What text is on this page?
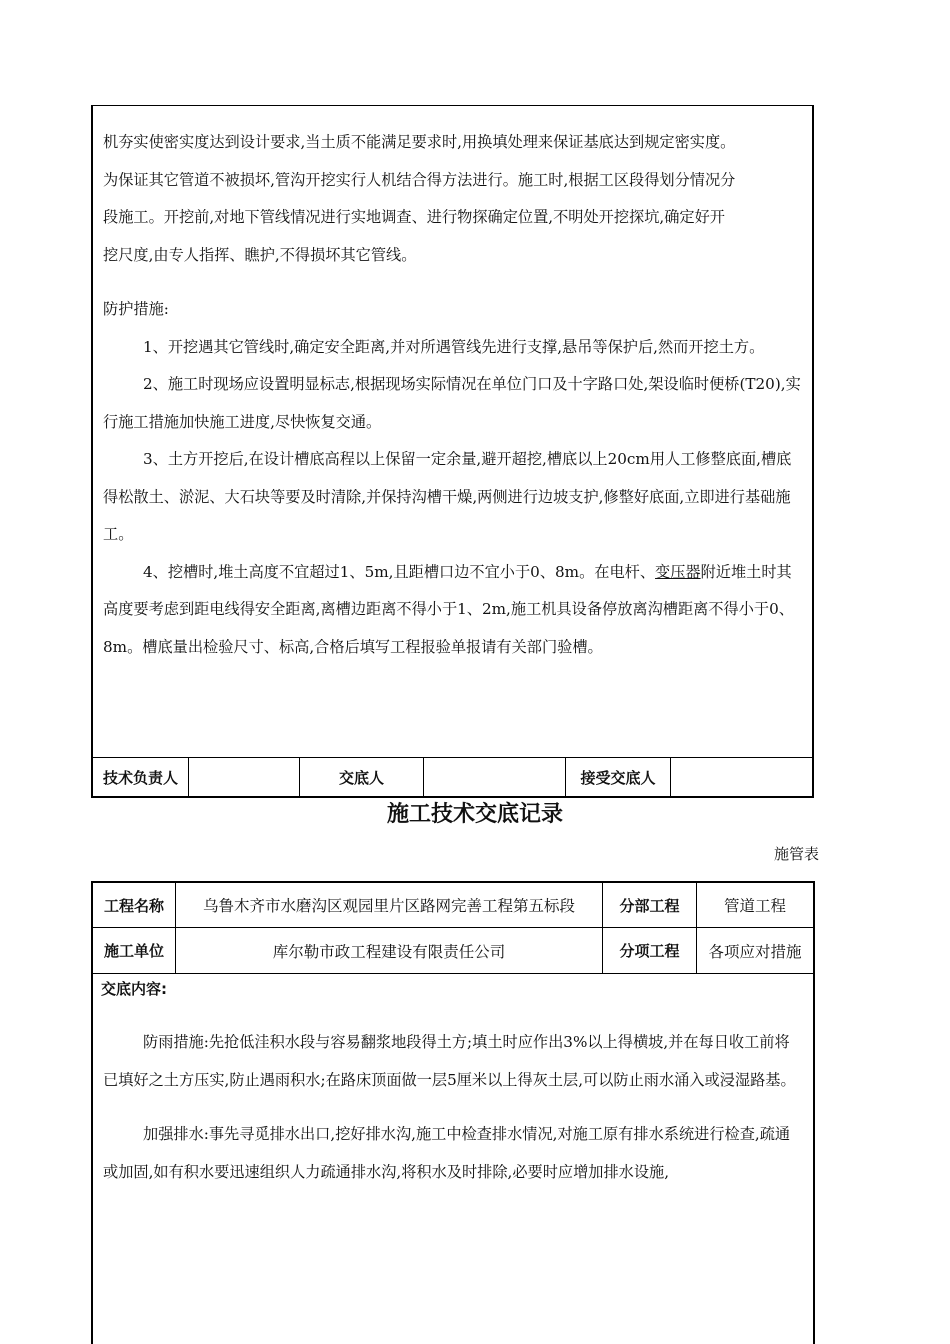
机夯实使密实度达到设计要求,当土质不能满足要求时,用换填处理来保证基底达到规定密实度。

为保证其它管道不被损坏,管沟开挖实行人机结合得方法进行。施工时,根据工区段得划分情况分

段施工。开挖前,对地下管线情况进行实地调查、进行物探确定位置,不明处开挖探坑,确定好开

挖尺度,由专人指挥、瞧护,不得损坏其它管线。

防护措施:

1、开挖遇其它管线时,确定安全距离,并对所遇管线先进行支撑,悬吊等保护后,然而开挖土方。

2、施工时现场应设置明显标志,根据现场实际情况在单位门口及十字路口处,架设临时便桥(T20),实行施工措施加快施工进度,尽快恢复交通。

3、土方开挖后,在设计槽底高程以上保留一定余量,避开超挖,槽底以上20cm用人工修整底面,槽底得松散土、淤泥、大石块等要及时清除,并保持沟槽干燥,两侧进行边坡支护,修整好底面,立即进行基础施工。

4、挖槽时,堆土高度不宜超过1、5m,且距槽口边不宜小于0、8m。在电杆、变压器附近堆土时其高度要考虑到距电线得安全距离,离槽边距离不得小于1、2m,施工机具设备停放离沟槽距离不得小于0、8m。槽底量出检验尺寸、标高,合格后填写工程报验单报请有关部门验槽。

技术负责人	交底人	接受交底人
施工技术交底记录
施管表
工程名称	乌鲁木齐市水磨沟区观园里片区路网完善工程第五标段	分部工程	管道工程
施工单位	库尔勒市政工程建设有限责任公司	分项工程	各项应对措施
交底内容:

防雨措施:先抢低洼积水段与容易翻浆地段得土方;填土时应作出3%以上得横坡,并在每日收工前将已填好之土方压实,防止遇雨积水;在路床顶面做一层5厘米以上得灰土层,可以防止雨水涌入或浸湿路基。

加强排水:事先寻觅排水出口,挖好排水沟,施工中检查排水情况,对施工原有排水系统进行检查,疏通或加固,如有积水要迅速组织人力疏通排水沟,将积水及时排除,必要时应增加排水设施,
